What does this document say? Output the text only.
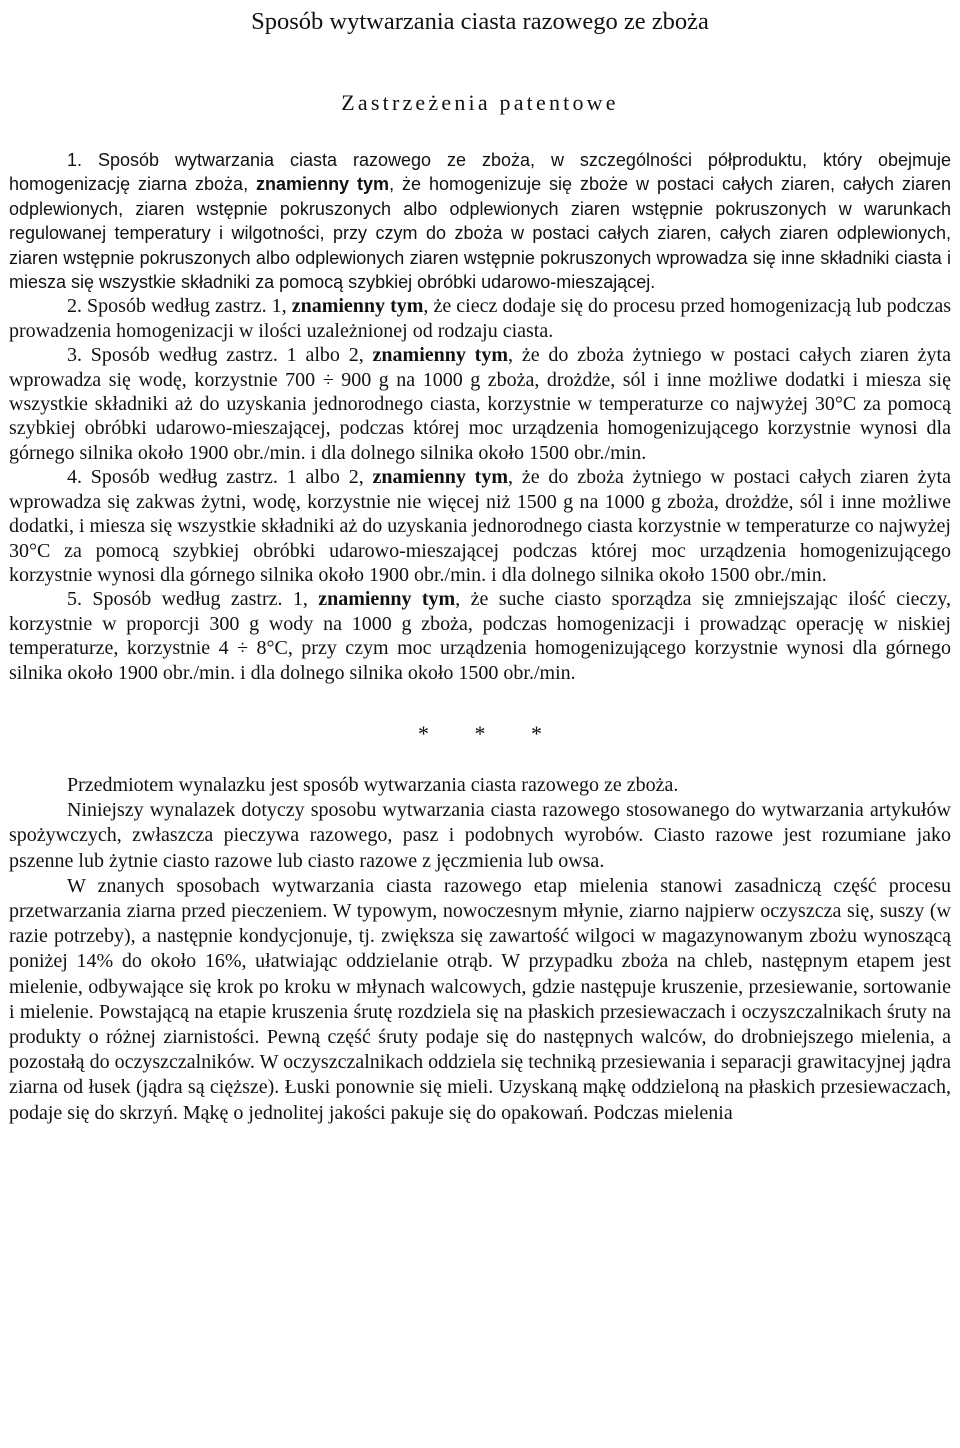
Sposób wytwarzania ciasta razowego ze zboża
Zastrzeżenia patentowe

1. Sposób wytwarzania ciasta razowego ze zboża, w szczególności półproduktu, który obejmuje homogenizację ziarna zboża, znamienny tym, że homogenizuje się zboże w postaci całych ziaren, całych ziaren odplewionych, ziaren wstępnie pokruszonych albo odplewionych ziaren wstępnie pokruszonych w warunkach regulowanej temperatury i wilgotności, przy czym do zboża w postaci całych ziaren, całych ziaren odplewionych, ziaren wstępnie pokruszonych albo odplewionych ziaren wstępnie pokruszonych wprowadza się inne składniki ciasta i miesza się wszystkie składniki za pomocą szybkiej obróbki udarowo-mieszającej.

2. Sposób według zastrz. 1, znamienny tym, że ciecz dodaje się do procesu przed homogenizacją lub podczas prowadzenia homogenizacji w ilości uzależnionej od rodzaju ciasta.

3. Sposób według zastrz. 1 albo 2, znamienny tym, że do zboża żytniego w postaci całych ziaren żyta wprowadza się wodę, korzystnie 700 ÷ 900 g na 1000 g zboża, drożdże, sól i inne możliwe dodatki i miesza się wszystkie składniki aż do uzyskania jednorodnego ciasta, korzystnie w temperaturze co najwyżej 30°C za pomocą szybkiej obróbki udarowo-mieszającej, podczas której moc urządzenia homogenizującego korzystnie wynosi dla górnego silnika około 1900 obr./min. i dla dolnego silnika około 1500 obr./min.

4. Sposób według zastrz. 1 albo 2, znamienny tym, że do zboża żytniego w postaci całych ziaren żyta wprowadza się zakwas żytni, wodę, korzystnie nie więcej niż 1500 g na 1000 g zboża, drożdże, sól i inne możliwe dodatki, i miesza się wszystkie składniki aż do uzyskania jednorodnego ciasta korzystnie w temperaturze co najwyżej 30°C za pomocą szybkiej obróbki udarowo-mieszającej podczas której moc urządzenia homogenizującego korzystnie wynosi dla górnego silnika około 1900 obr./min. i dla dolnego silnika około 1500 obr./min.

5. Sposób według zastrz. 1, znamienny tym, że suche ciasto sporządza się zmniejszając ilość cieczy, korzystnie w proporcji 300 g wody na 1000 g zboża, podczas homogenizacji i prowadząc operację w niskiej temperaturze, korzystnie 4 ÷ 8°C, przy czym moc urządzenia homogenizującego korzystnie wynosi dla górnego silnika około 1900 obr./min. i dla dolnego silnika około 1500 obr./min.

* * *

Przedmiotem wynalazku jest sposób wytwarzania ciasta razowego ze zboża.

Niniejszy wynalazek dotyczy sposobu wytwarzania ciasta razowego stosowanego do wytwarzania artykułów spożywczych, zwłaszcza pieczywa razowego, pasz i podobnych wyrobów. Ciasto razowe jest rozumiane jako pszenne lub żytnie ciasto razowe lub ciasto razowe z jęczmienia lub owsa.

W znanych sposobach wytwarzania ciasta razowego etap mielenia stanowi zasadniczą część procesu przetwarzania ziarna przed pieczeniem. W typowym, nowoczesnym młynie, ziarno najpierw oczyszcza się, suszy (w razie potrzeby), a następnie kondycjonuje, tj. zwiększa się zawartość wilgoci w magazynowanym zbożu wynoszącą poniżej 14% do około 16%, ułatwiając oddzielanie otrąb. W przypadku zboża na chleb, następnym etapem jest mielenie, odbywające się krok po kroku w młynach walcowych, gdzie następuje kruszenie, przesiewanie, sortowanie i mielenie. Powstającą na etapie kruszenia śrutę rozdziela się na płaskich przesiewaczach i oczyszczalnikach śruty na produkty o różnej ziarnistości. Pewną część śruty podaje się do następnych walców, do drobniejszego mielenia, a pozostałą do oczyszczalników. W oczyszczalnikach oddziela się techniką przesiewania i separacji grawitacyjnej jądra ziarna od łusek (jądra są cięższe). Łuski ponownie się mieli. Uzyskaną mąkę oddzieloną na płaskich przesiewaczach, podaje się do skrzyń. Mąkę o jednolitej jakości pakuje się do opakowań. Podczas mielenia
